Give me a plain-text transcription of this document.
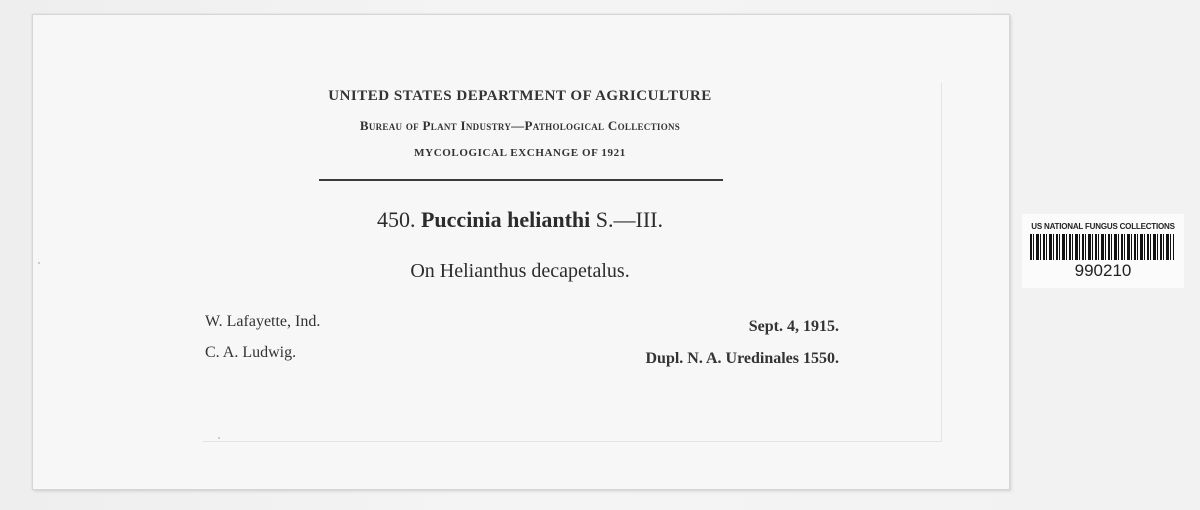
UNITED STATES DEPARTMENT OF AGRICULTURE
Bureau of Plant Industry—Pathological Collections
MYCOLOGICAL EXCHANGE OF 1921
450. Puccinia helianthi S.—III.
On Helianthus decapetalus.
W. Lafayette, Ind.
C. A. Ludwig.
Sept. 4, 1915.
Dupl. N. A. Uredinales 1550.
US NATIONAL FUNGUS COLLECTIONS
990210
